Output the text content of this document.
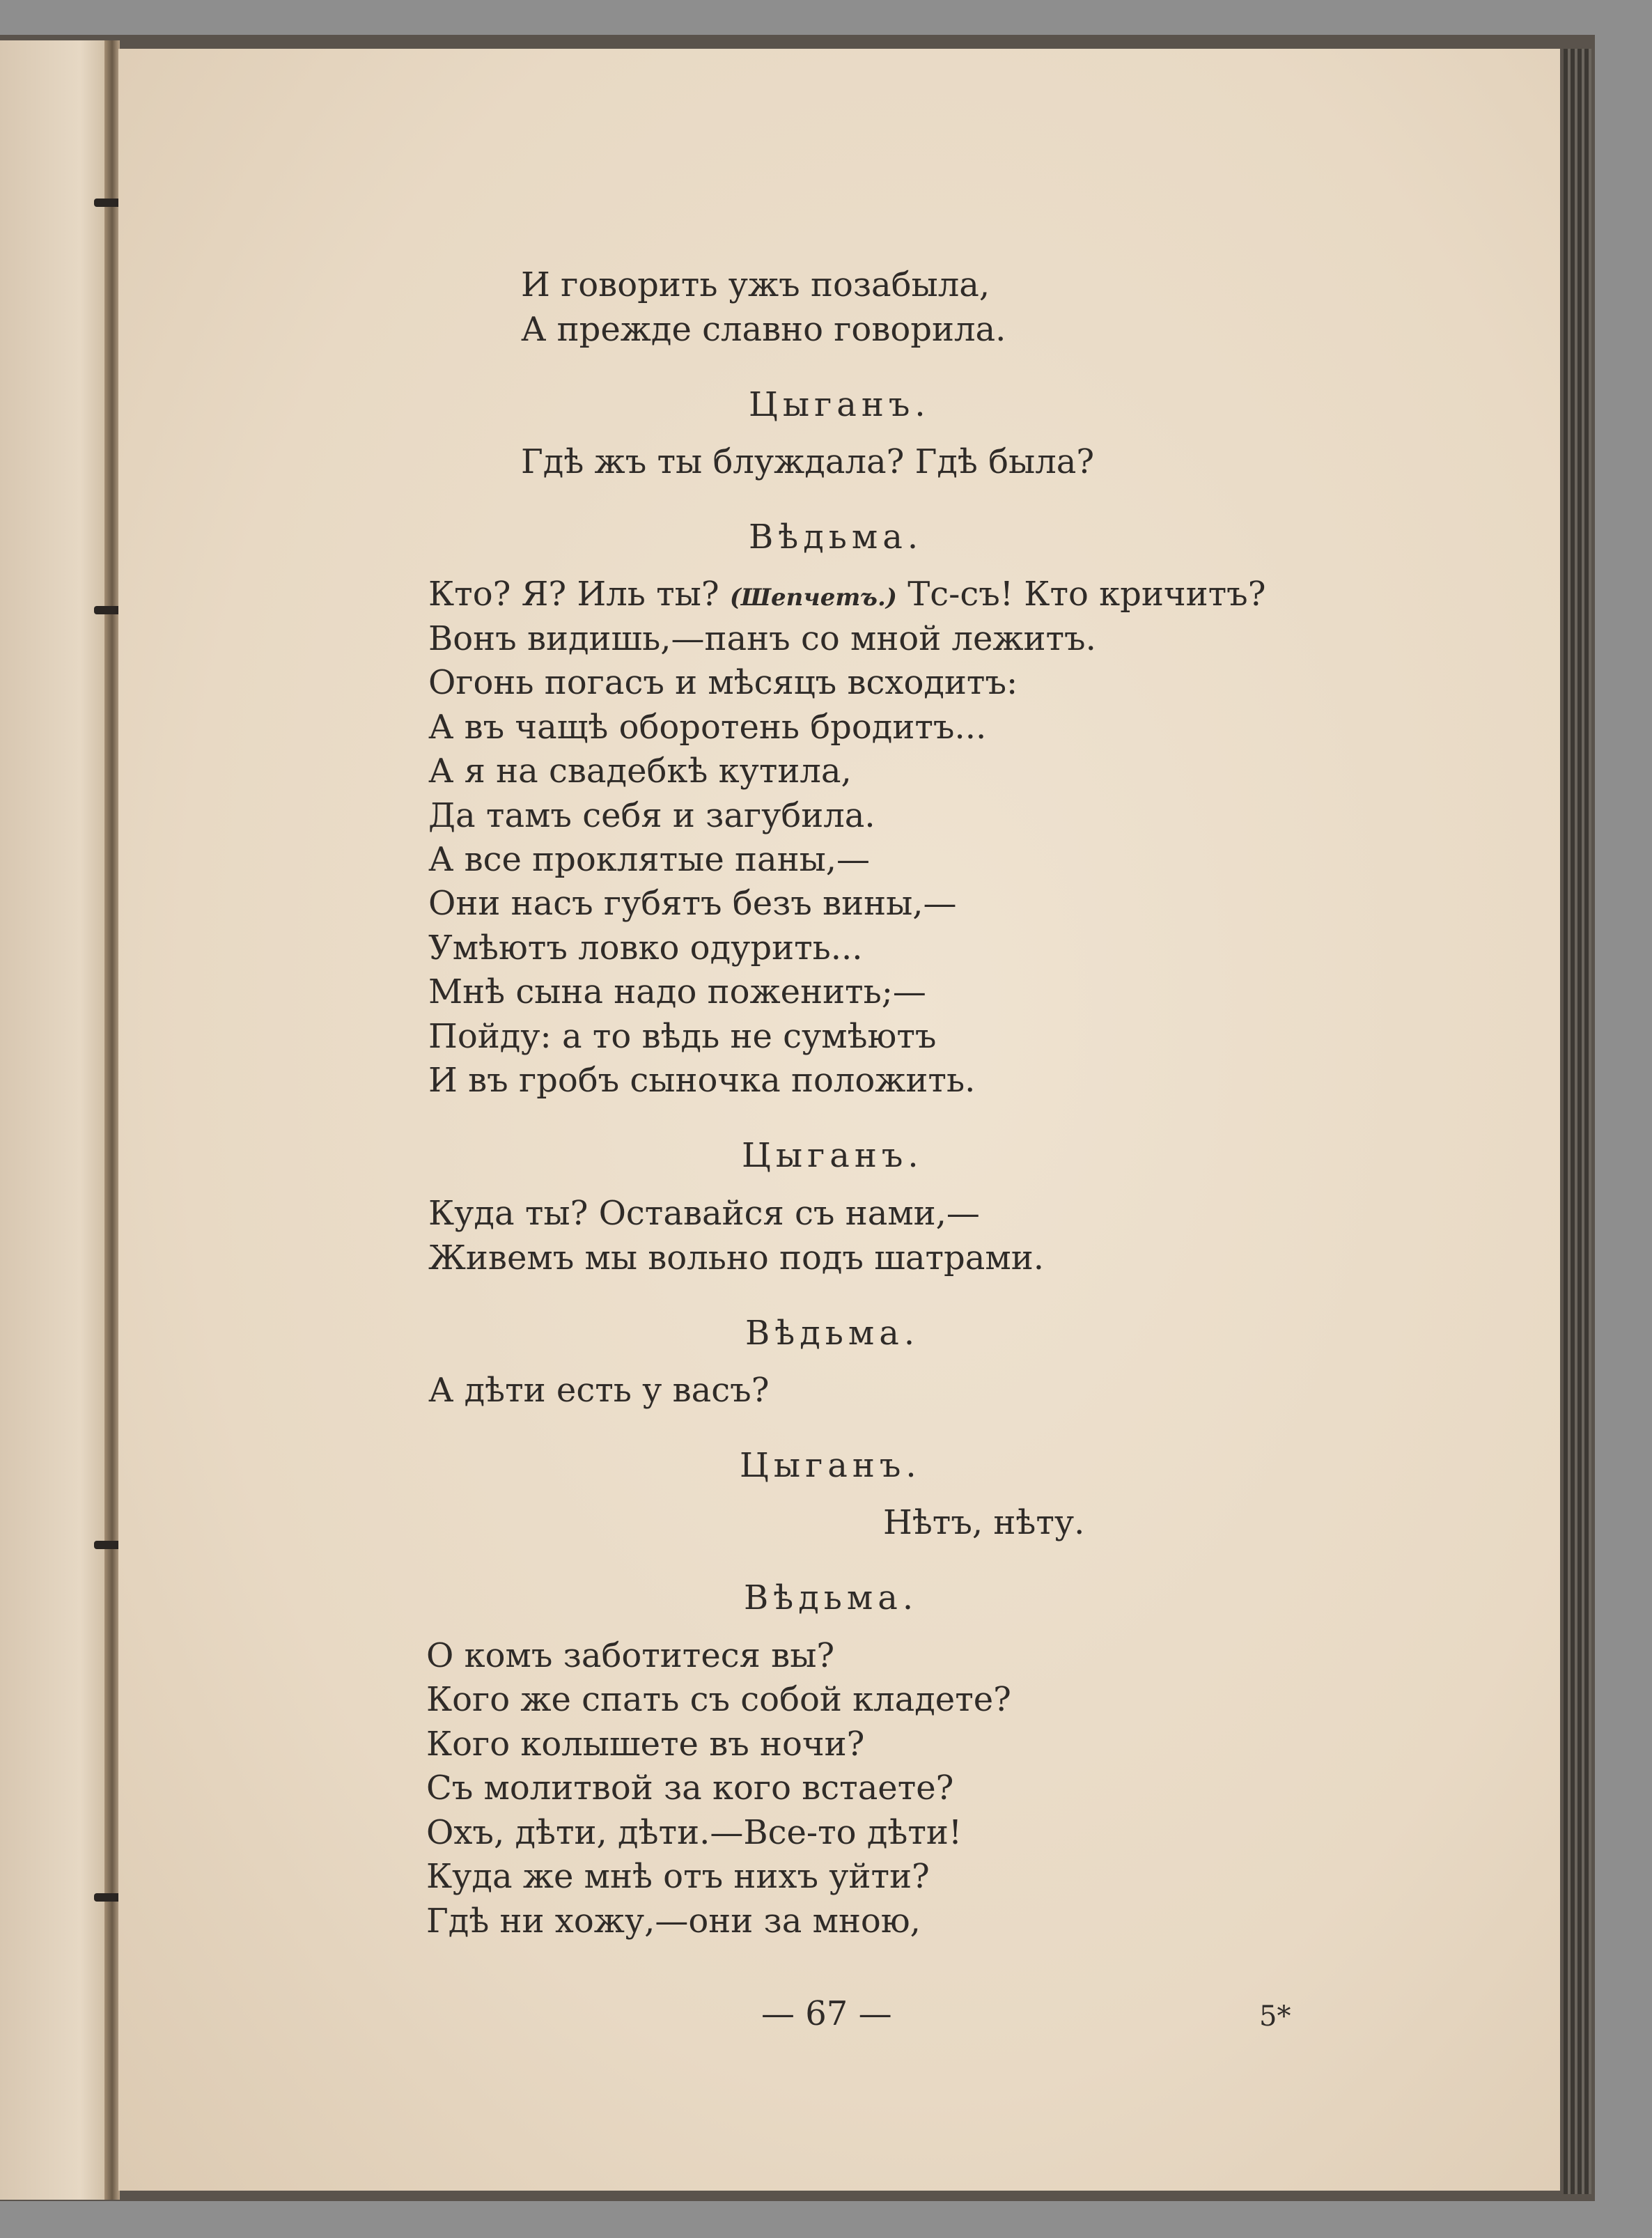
И говорить ужъ позабыла,
А прежде славно говорила.
Цыганъ.
Гдѣ жъ ты блуждала? Гдѣ была?
Вѣдьма.
Кто? Я? Иль ты? (Шепчетъ.) Тс-съ! Кто кричитъ?
Вонъ видишь,—панъ со мной лежитъ.
Огонь погасъ и мѣсяцъ всходитъ:
А въ чащѣ оборотень бродитъ...
А я на свадебкѣ кутила,
Да тамъ себя и загубила.
А все проклятые паны,—
Они насъ губятъ безъ вины,—
Умѣютъ ловко одурить...
Мнѣ сына надо поженить;—
Пойду: а то вѣдь не сумѣютъ
И въ гробъ сыночка положить.
Цыганъ.
Куда ты? Оставайся съ нами,—
Живемъ мы вольно подъ шатрами.
Вѣдьма.
А дѣти есть у васъ?
Цыганъ.
Нѣтъ, нѣту.
Вѣдьма.
О комъ заботитеся вы?
Кого же спать съ собой кладете?
Кого колышете въ ночи?
Съ молитвой за кого встаете?
Охъ, дѣти, дѣти.—Все-то дѣти!
Куда же мнѣ отъ нихъ уйти?
Гдѣ ни хожу,—они за мною,
— 67 —	5*
